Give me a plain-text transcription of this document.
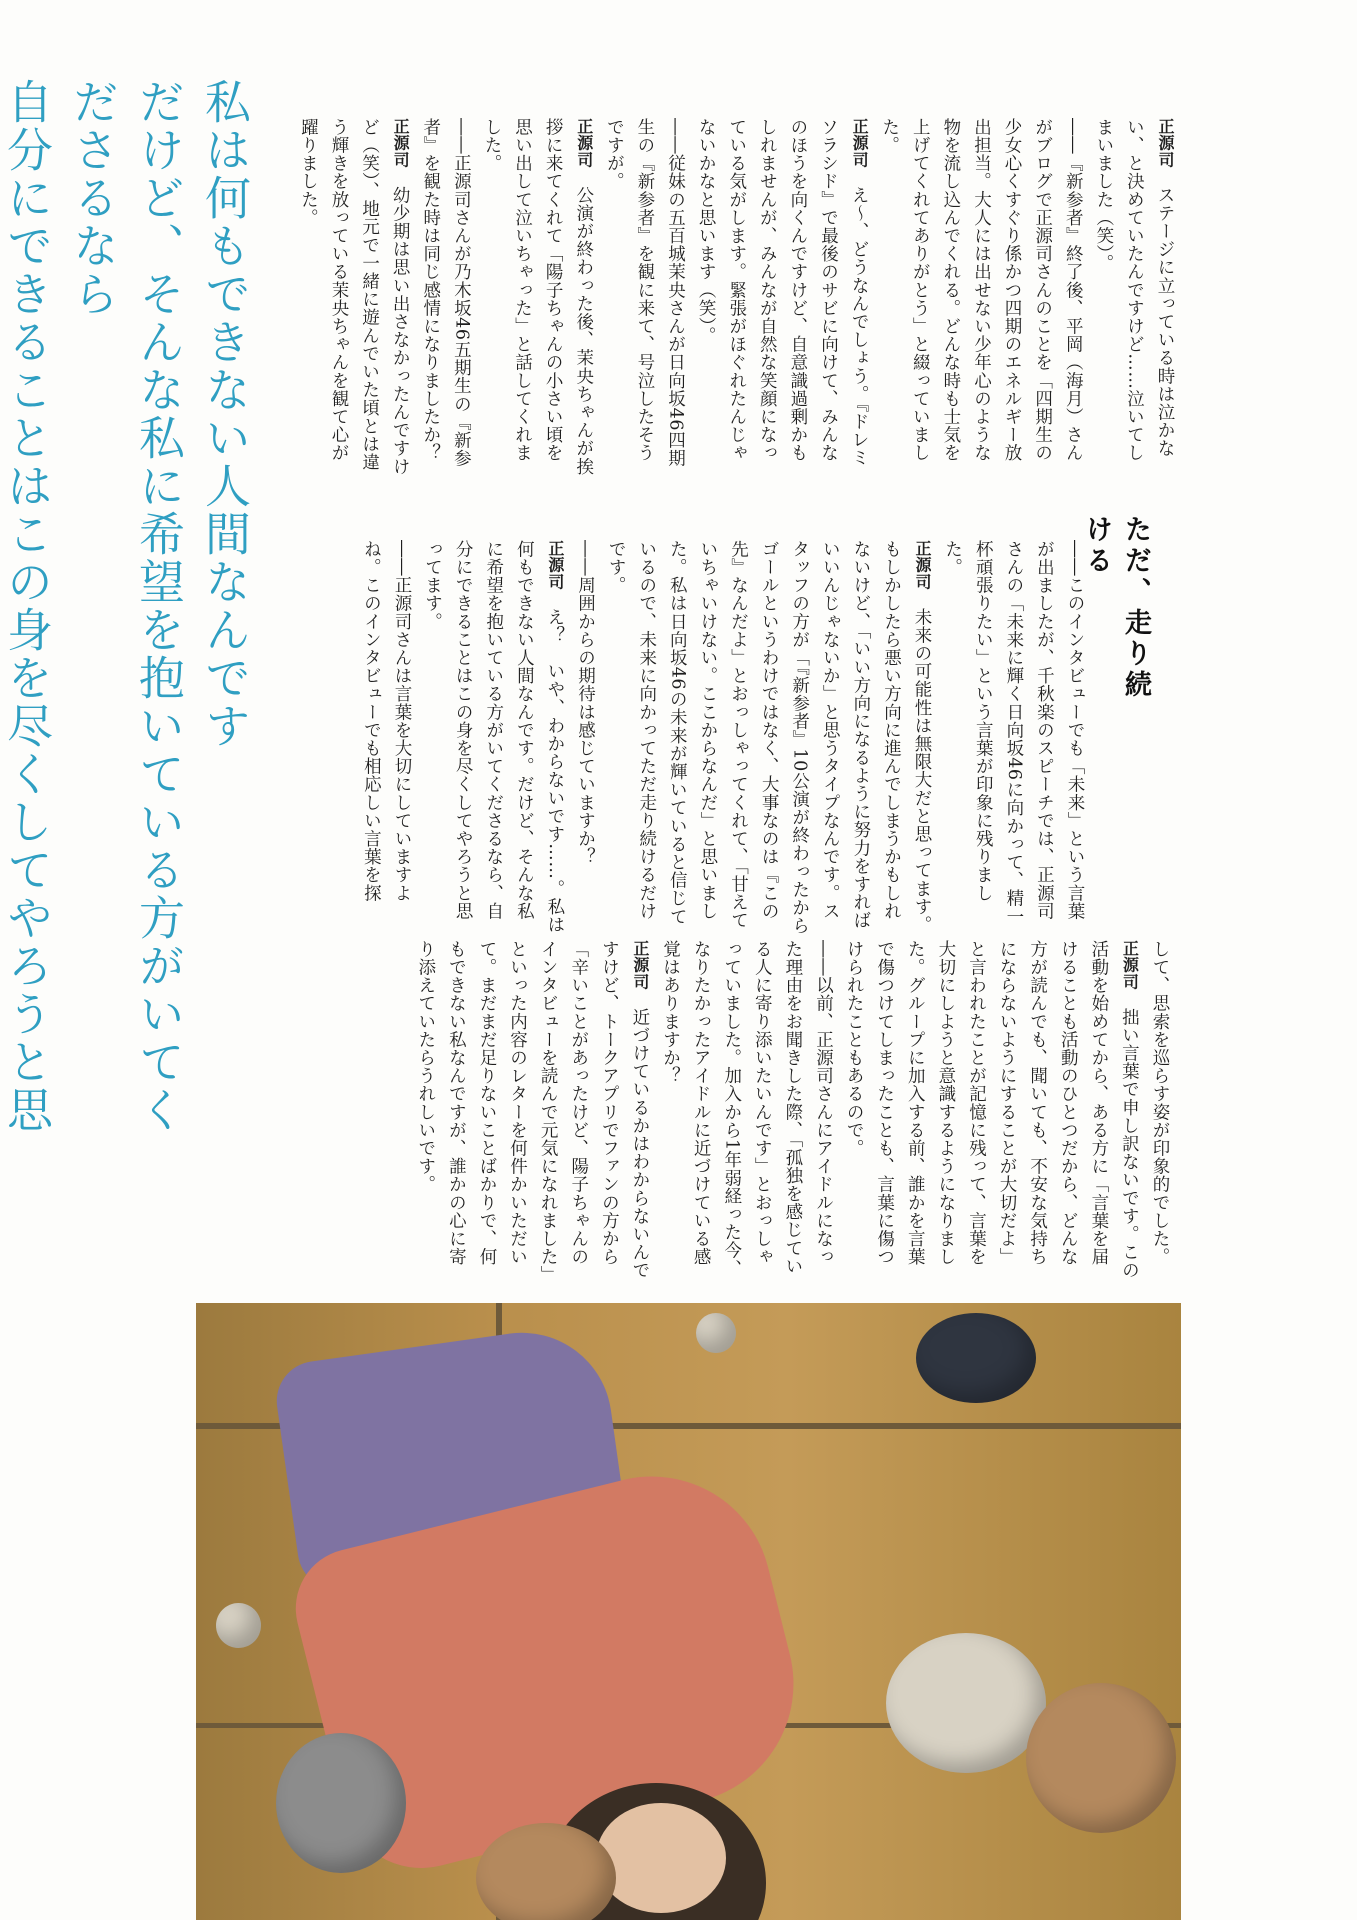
私は何もできない人間なんです

だけど、そんな私に希望を抱いている方がいてくださるなら

自分にできることはこの身を尽くしてやろうと思

正源司　ステージに立っている時は泣かない、と決めていたんですけど……泣いてしまいました（笑）。

――『新参者』終了後、平岡（海月）さんがブログで正源司さんのことを「四期生の少女心くすぐり係かつ四期のエネルギー放出担当。大人には出せない少年心のような物を流し込んでくれる。どんな時も士気を上げてくれてありがとう」と綴っていました。

正源司　え～、どうなんでしょう。『ドレミソラシド』で最後のサビに向けて、みんなのほうを向くんですけど、自意識過剰かもしれませんが、みんなが自然な笑顔になっている気がします。緊張がほぐれたんじゃないかなと思います（笑）。

――従妹の五百城茉央さんが日向坂46四期生の『新参者』を観に来て、号泣したそうですが。

正源司　公演が終わった後、茉央ちゃんが挨拶に来てくれて「陽子ちゃんの小さい頃を思い出して泣いちゃった」と話してくれました。

――正源司さんが乃木坂46五期生の『新参者』を観た時は同じ感情になりましたか？

正源司　幼少期は思い出さなかったんですけど（笑）、地元で一緒に遊んでいた頃とは違う輝きを放っている茉央ちゃんを観て心が躍りました。

ただ、走り続ける

――このインタビューでも「未来」という言葉が出ましたが、千秋楽のスピーチでは、正源司さんの「未来に輝く日向坂46に向かって、精一杯頑張りたい」という言葉が印象に残りました。

正源司　未来の可能性は無限大だと思ってます。もしかしたら悪い方向に進んでしまうかもしれないけど、「いい方向になるように努力をすればいいんじゃないか」と思うタイプなんです。スタッフの方が「『新参者』10公演が終わったからゴールというわけではなく、大事なのは『この先』なんだよ」とおっしゃってくれて、「甘えていちゃいけない。ここからなんだ」と思いました。私は日向坂46の未来が輝いていると信じているので、未来に向かってただ走り続けるだけです。

――周囲からの期待は感じていますか？

正源司　え？　いや、わからないです……。私は何もできない人間なんです。だけど、そんな私に希望を抱いている方がいてくださるなら、自分にできることはこの身を尽くしてやろうと思ってます。

――正源司さんは言葉を大切にしていますよね。このインタビューでも相応しい言葉を探

して、思索を巡らす姿が印象的でした。

正源司　拙い言葉で申し訳ないです。この活動を始めてから、ある方に「言葉を届けることも活動のひとつだから、どんな方が読んでも、聞いても、不安な気持ちにならないようにすることが大切だよ」と言われたことが記憶に残って、言葉を大切にしようと意識するようになりました。グループに加入する前、誰かを言葉で傷つけてしまったことも、言葉に傷つけられたこともあるので。

――以前、正源司さんにアイドルになった理由をお聞きした際、「孤独を感じている人に寄り添いたいんです」とおっしゃっていました。加入から1年弱経った今、なりたかったアイドルに近づけている感覚はありますか？

正源司　近づけているかはわからないんですけど、トークアプリでファンの方から「辛いことがあったけど、陽子ちゃんのインタビューを読んで元気になれました」といった内容のレターを何件かいただいて。まだまだ足りないことばかりで、何もできない私なんですが、誰かの心に寄り添えていたらうれしいです。
